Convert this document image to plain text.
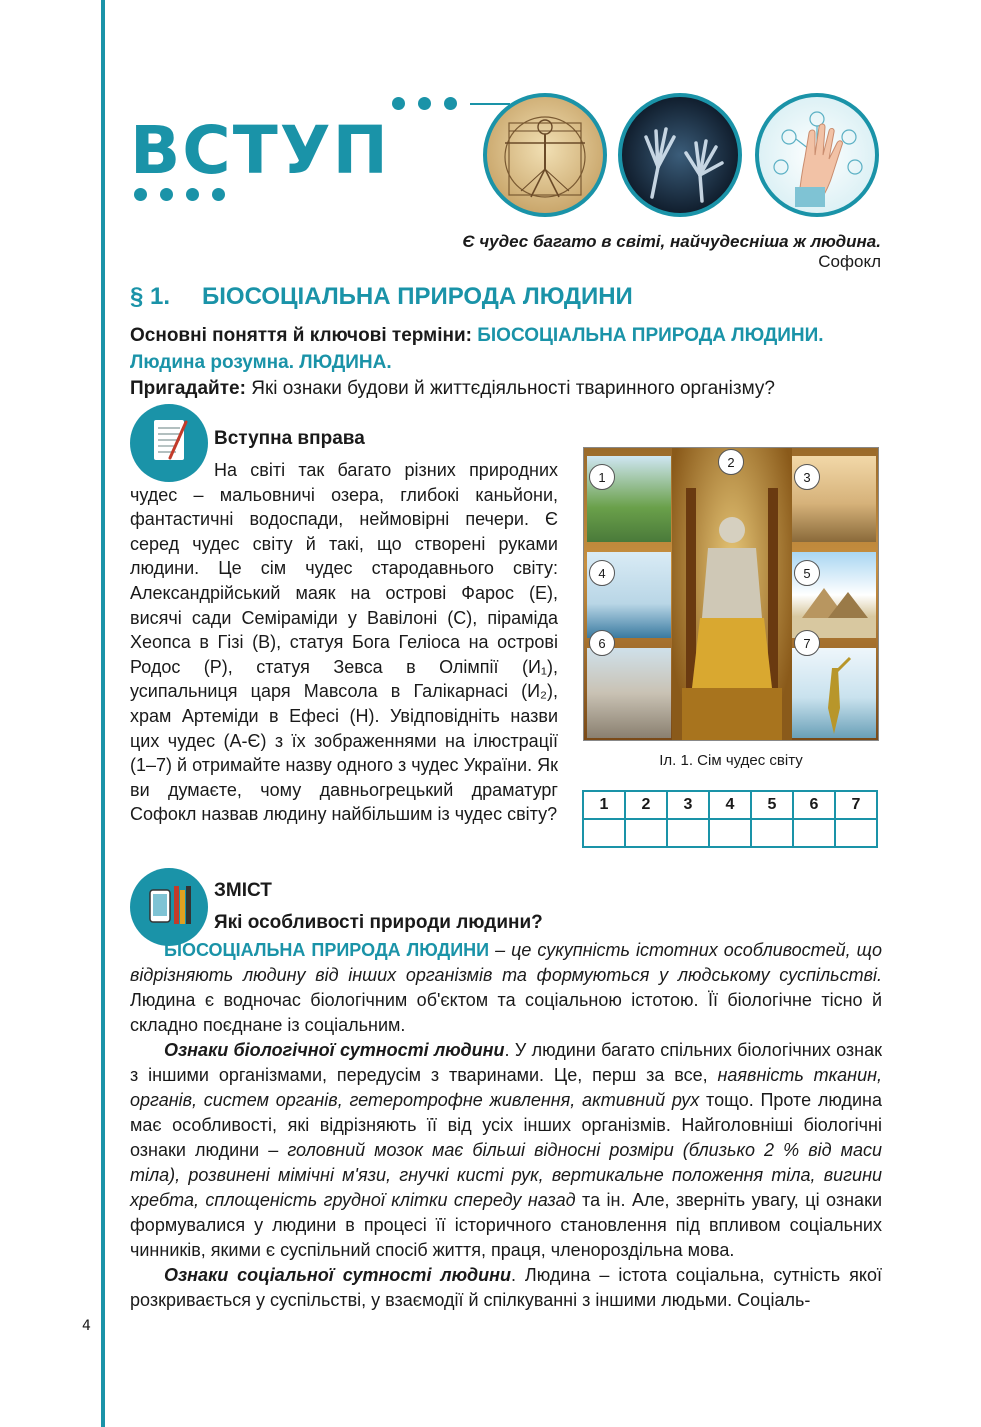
4
ВСТУП
Є чудес багато в світі, найчудесніша ж людина.
Софокл
§ 1. БІОСОЦІАЛЬНА ПРИРОДА ЛЮДИНИ
Основні поняття й ключові терміни: БІОСОЦІАЛЬНА ПРИРОДА ЛЮДИНИ. Людина розумна. ЛЮДИНА.
Пригадайте: Які ознаки будови й життєдіяльності тваринного організму?
Вступна вправа
На світі так багато різних природних чудес – мальовничі озера, глибокі каньйони, фантастичні водоспади, неймовірні печери. Є серед чудес світу й такі, що створені руками людини. Це сім чудес стародавнього світу: Александрійський маяк на острові Фарос (Е), висячі сади Семіраміди у Вавілоні (С), піраміда Хеопса в Гізі (В), статуя Бога Геліоса на острові Родос (Р), статуя Зевса в Олімпії (И₁), усипальниця царя Мавсола в Галікарнасі (И₂), храм Артеміди в Ефесі (Н). Увідповідніть назви цих чудес (А-Є) з їх зображеннями на ілюстрації (1–7) й отримайте назву одного з чудес України. Як ви думаєте, чому давньогрецький драматург Софокл назвав людину найбільшим із чудес світу?
1
2
3
4	5
6	7
Іл. 1. Сім чудес світу
1	2	3	4	5	6	7

ЗМІСТ
Які особливості природи людини?

БІОСОЦІАЛЬНА ПРИРОДА ЛЮДИНИ – це сукупність істотних особливостей, що відрізняють людину від інших організмів та формуються у людському суспільстві. Людина є водночас біологічним об'єктом та соціальною істотою. Її біологічне тісно й складно поєднане із соціальним.

Ознаки біологічної сутності людини. У людини багато спільних біологічних ознак з іншими організмами, передусім з тваринами. Це, перш за все, наявність тканин, органів, систем органів, гетеротрофне живлення, активний рух тощо. Проте людина має особливості, які відрізняють її від усіх інших організмів. Найголовніші біологічні ознаки людини – головний мозок має більші відносні розміри (близько 2 % від маси тіла), розвинені мімічні м'язи, гнучкі кисті рук, вертикальне положення тіла, вигини хребта, сплощеність грудної клітки спереду назад та ін. Але, зверніть увагу, ці ознаки формувалися у людини в процесі її історичного становлення під впливом соціальних чинників, якими є суспільний спосіб життя, праця, членороздільна мова.

Ознаки соціальної сутності людини. Людина – істота соціальна, сутність якої розкривається у суспільстві, у взаємодії й спілкуванні з іншими людьми. Соціаль-
